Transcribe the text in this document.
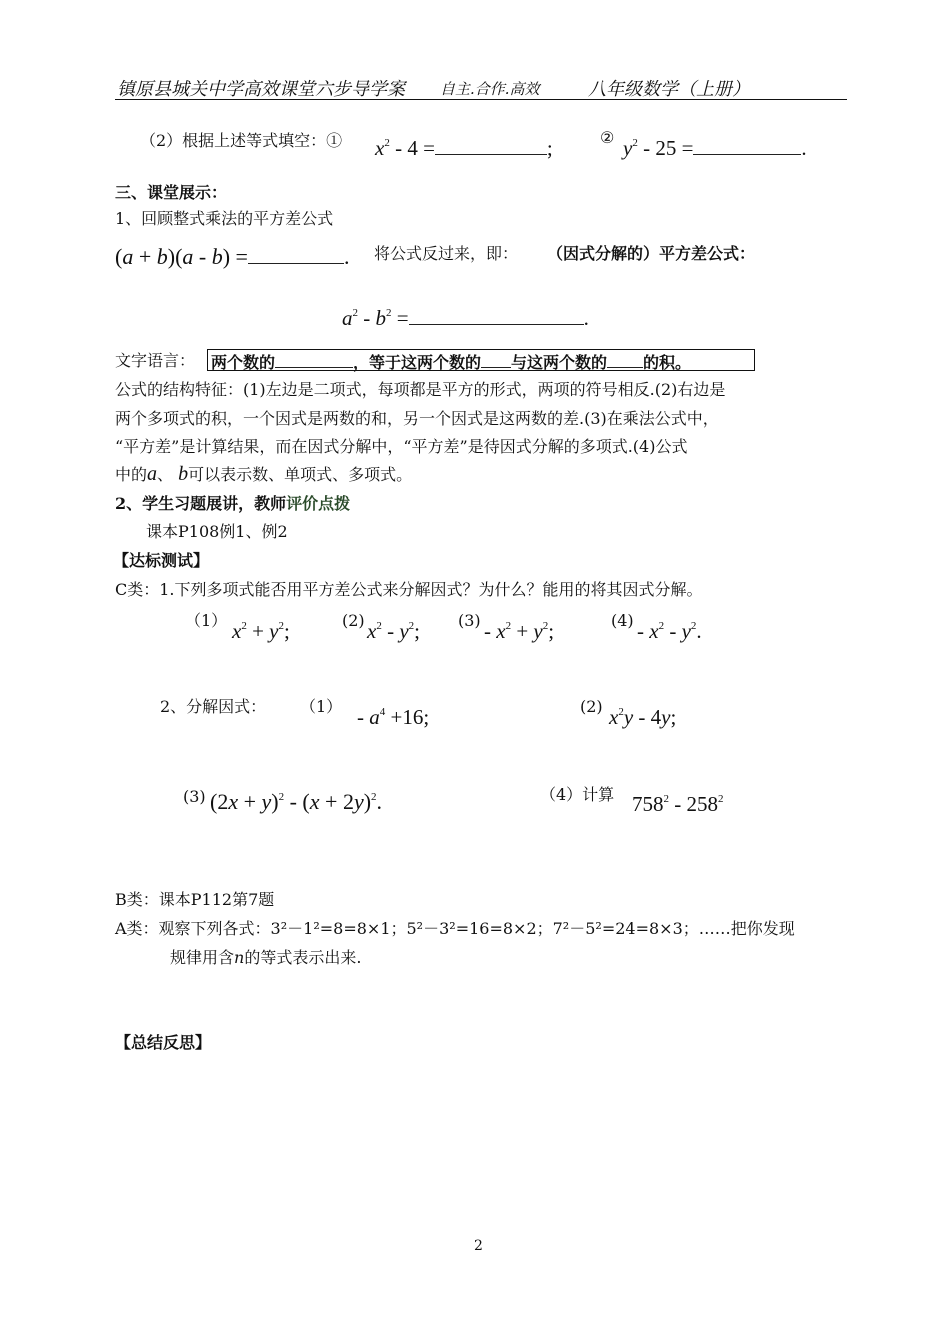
镇原县城关中学高效课堂六步导学案 自主.合作.高效	八年级数学（上册）
（2）根据上述等式填空：① $x^2 - 4$ =	;	② $y^2 - 25$ =	.
三、课堂展示：
1、回顾整式乘法的平方差公式
(a + b)(a - b) =	. 将公式反过来，即： （因式分解的）平方差公式：
$a^2 - b^2$ =	.
文字语言： 两个数的	，等于这两个数的 与这两个数的 的积。
公式的结构特征：(1)左边是二项式，每项都是平方的形式，两项的符号相反.(2)右边是
两个多项式的积，一个因式是两数的和，另一个因式是这两数的差.(3)在乘法公式中，
“平方差”是计算结果，而在因式分解中，“平方差”是待因式分解的多项式.(4)公式
中的a、 b可以表示数、单项式、多项式。
2、学生习题展讲，教师评价点拨
课本P108例1、例2
【达标测试】
C类：1.下列多项式能否用平方差公式来分解因式？为什么？能用的将其因式分解。
（1） $x^2 + y^2$;	(2) $x^2 - y^2$; $(3) - x^2 + y^2$;	$(4) - x^2 - y^2$.
2、分解因式： $(1) - a^4 +16$;	(2) $x^2y - 4y$;
(3) $(2x + y)^2 - (x + 2y)^2$.	（4）计算 $758^2 - 258^2$
B类：课本P112第7题
A类：观察下列各式：3²－1²=8=8×1；5²－3²=16=8×2；7²－5²=24=8×3；……把你发现
规律用含n的等式表示出来.
【总结反思】
2
